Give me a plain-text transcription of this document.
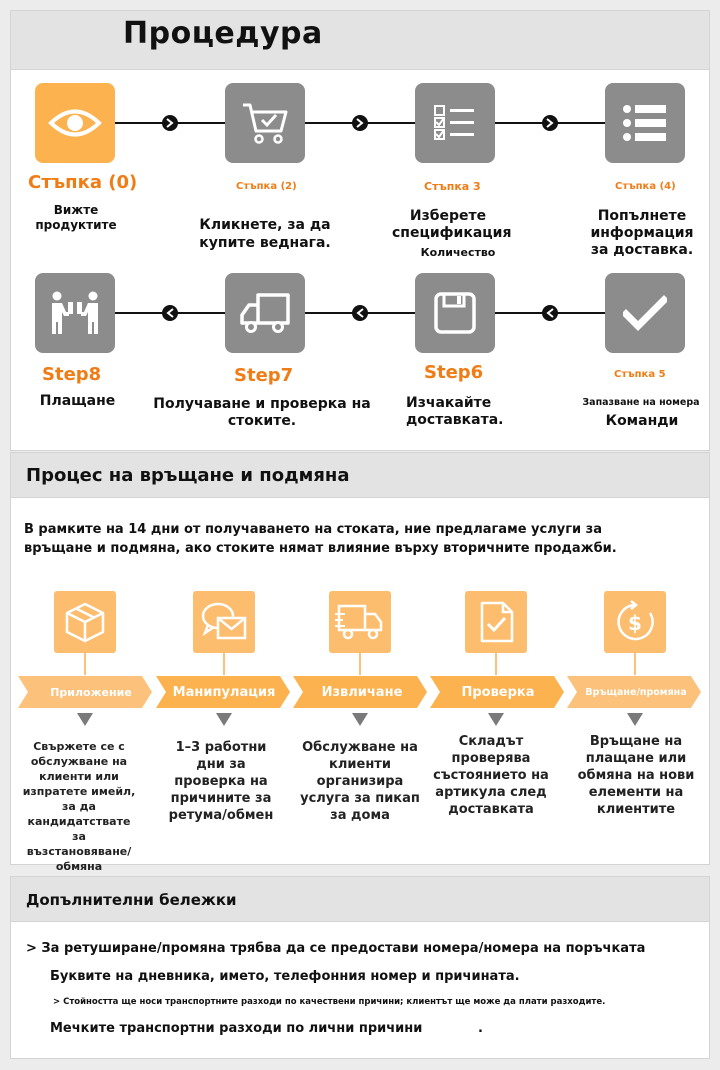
Процедура
Стъпка (0)
Вижте продуктите
Стъпка (2)
Кликнете, за да купите веднага.
Стъпка 3
Изберете спецификация
Количество
Стъпка (4)
Попълнете информация за доставка.
Step8
Плащане
Step7
Получаване и проверка на стоките.
Step6
Изчакайте доставката.
Стъпка 5
Запазване на номера
Команди
Процес на връщане и подмяна
В рамките на 14 дни от получаването на стоката, ние предлагаме услуги за
връщане и подмяна, ако стоките нямат влияние върху вторичните продажби.
$
Приложение	Манипулация	Извличане	Проверка	Връщане/промяна
Свържете се с обслужване на клиенти или изпратете имейл, за да кандидатствате за възстановяване/ обмяна
1–3 работни дни за проверка на причините за ретума/обмен
Обслужване на клиенти организира услуга за пикап за дома
Складът проверява състоянието на артикула след доставката
Връщане на плащане или обмяна на нови елементи на клиентите
Допълнителни бележки
> За ретуширане/промяна трябва да се предостави номера/номера на поръчката
Буквите на дневника, името, телефонния номер и причината.
> Стойността ще носи транспортните разходи по качествени причини; клиентът ще може да плати разходите.
Мечките транспортни разходи по лични причини	.
